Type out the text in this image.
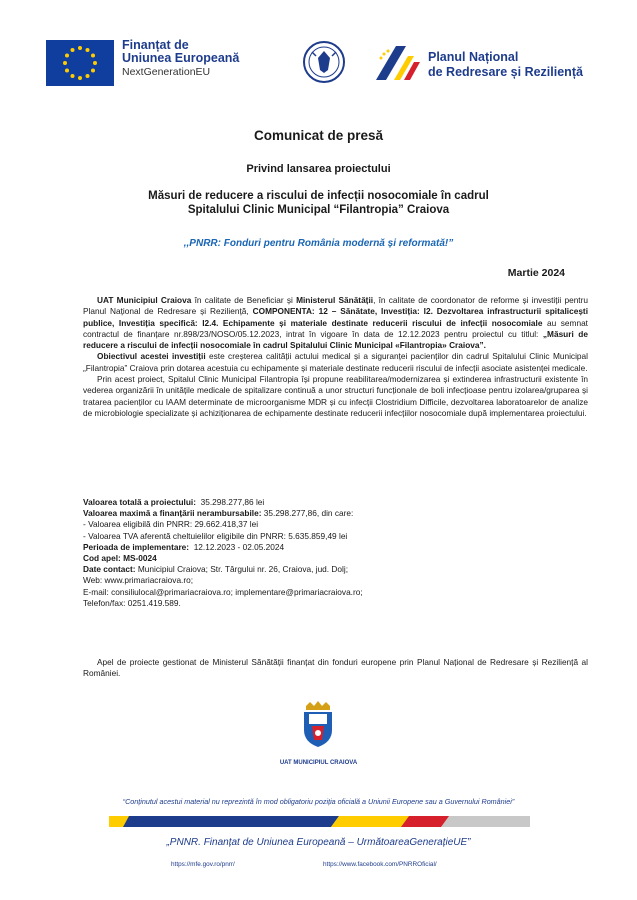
Finanțat de
Uniunea Europeană
NextGenerationEU
Planul Național
de Redresare și Reziliență
Comunicat de presă
Privind lansarea proiectului
Măsuri de reducere a riscului de infecții nosocomiale în cadrul
Spitalului Clinic Municipal “Filantropia” Craiova
,,PNRR: Fonduri pentru România modernă și reformată!”
Martie 2024

UAT Municipiul Craiova în calitate de Beneficiar și Ministerul Sănătății, în calitate de coordonator de reforme și investiții pentru Planul Național de Redresare și Reziliență, COMPONENTA: 12 – Sănătate, Investiția: I2. Dezvoltarea infrastructurii spitalicești publice, Investiția specifică: I2.4. Echipamente și materiale destinate reducerii riscului de infecții nosocomiale au semnat contractul de finanțare nr.898/23/NOSO/05.12.2023, intrat în vigoare în data de 12.12.2023 pentru proiectul cu titlul: „Măsuri de reducere a riscului de infecții nosocomiale în cadrul Spitalului Clinic Municipal «Filantropia» Craiova”.

Obiectivul acestei investiții este creșterea calității actului medical și a siguranței pacienților din cadrul Spitalului Clinic Municipal „Filantropia” Craiova prin dotarea acestuia cu echipamente și materiale destinate reducerii riscului de infecții asociate asistenței medicale.

Prin acest proiect, Spitalul Clinic Municipal Filantropia își propune reabilitarea/modernizarea și extinderea infrastructurii existente în vederea organizării în unitățile medicale de spitalizare continuă a unor structuri funcționale de boli infecțioase pentru izolarea/gruparea și tratarea pacienților cu IAAM determinate de microorganisme MDR și cu infecții Clostridium Difficile, dezvoltarea laboratoarelor de analize de microbiologie specializate și achiziționarea de echipamente destinate reducerii infecțiilor nosocomiale după implementarea proiectului.

Valoarea totală a proiectului: 35.298.277,86 lei
Valoarea maximă a finanțării nerambursabile: 35.298.277,86, din care:
- Valoarea eligibilă din PNRR: 29.662.418,37 lei
- Valoarea TVA aferentă cheltuielilor eligibile din PNRR: 5.635.859,49 lei
Perioada de implementare: 12.12.2023 - 02.05.2024
Cod apel: MS-0024
Date contact: Municipiul Craiova; Str. Târgului nr. 26, Craiova, jud. Dolj;
Web: www.primariacraiova.ro;
E-mail: consiliulocal@primariacraiova.ro; implementare@primariacraiova.ro;
Telefon/fax: 0251.419.589.

Apel de proiecte gestionat de Ministerul Sănătății finanțat din fonduri europene prin Planul Național de Redresare și Reziliență al României.

UAT MUNICIPIUL CRAIOVA
“Conținutul acestui material nu reprezintă în mod obligatoriu poziția oficială a Uniunii Europene sau a Guvernului României”
„PNNR. Finanțat de Uniunea Europeană – UrmătoareaGenerațieUE”
https://mfe.gov.ro/pnrr/	https://www.facebook.com/PNRROficial/
